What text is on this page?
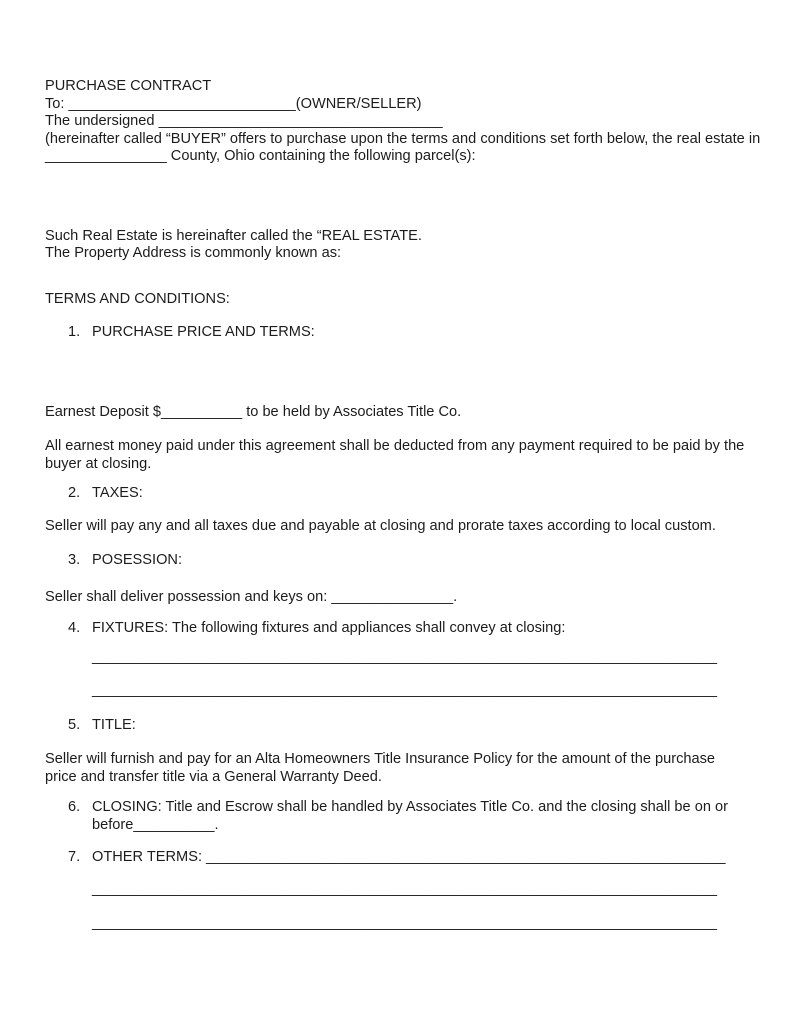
PURCHASE CONTRACT
To: ____________________________(OWNER/SELLER)
The undersigned ___________________________________
(hereinafter called “BUYER” offers to purchase upon the terms and conditions set forth below, the real estate in
_______________ County, Ohio containing the following parcel(s):
Such Real Estate is hereinafter called the “REAL ESTATE.
The Property Address is commonly known as:
TERMS AND CONDITIONS:
1. PURCHASE PRICE AND TERMS:
Earnest Deposit $__________ to be held by Associates Title Co.
All earnest money paid under this agreement shall be deducted from any payment required to be paid by the buyer at closing.
2. TAXES:
Seller will pay any and all taxes due and payable at closing and prorate taxes according to local custom.
3. POSESSION:
Seller shall deliver possession and keys on: _______________.
4. FIXTURES: The following fixtures and appliances shall convey at closing:
_____________________________________________________________________________
_____________________________________________________________________________
5. TITLE:
Seller will furnish and pay for an Alta Homeowners Title Insurance Policy for the amount of the purchase price and transfer title via a General Warranty Deed.
6. CLOSING: Title and Escrow shall be handled by Associates Title Co. and the closing shall be on or before__________.
7. OTHER TERMS: ________________________________________________________________
_____________________________________________________________________________
_____________________________________________________________________________
